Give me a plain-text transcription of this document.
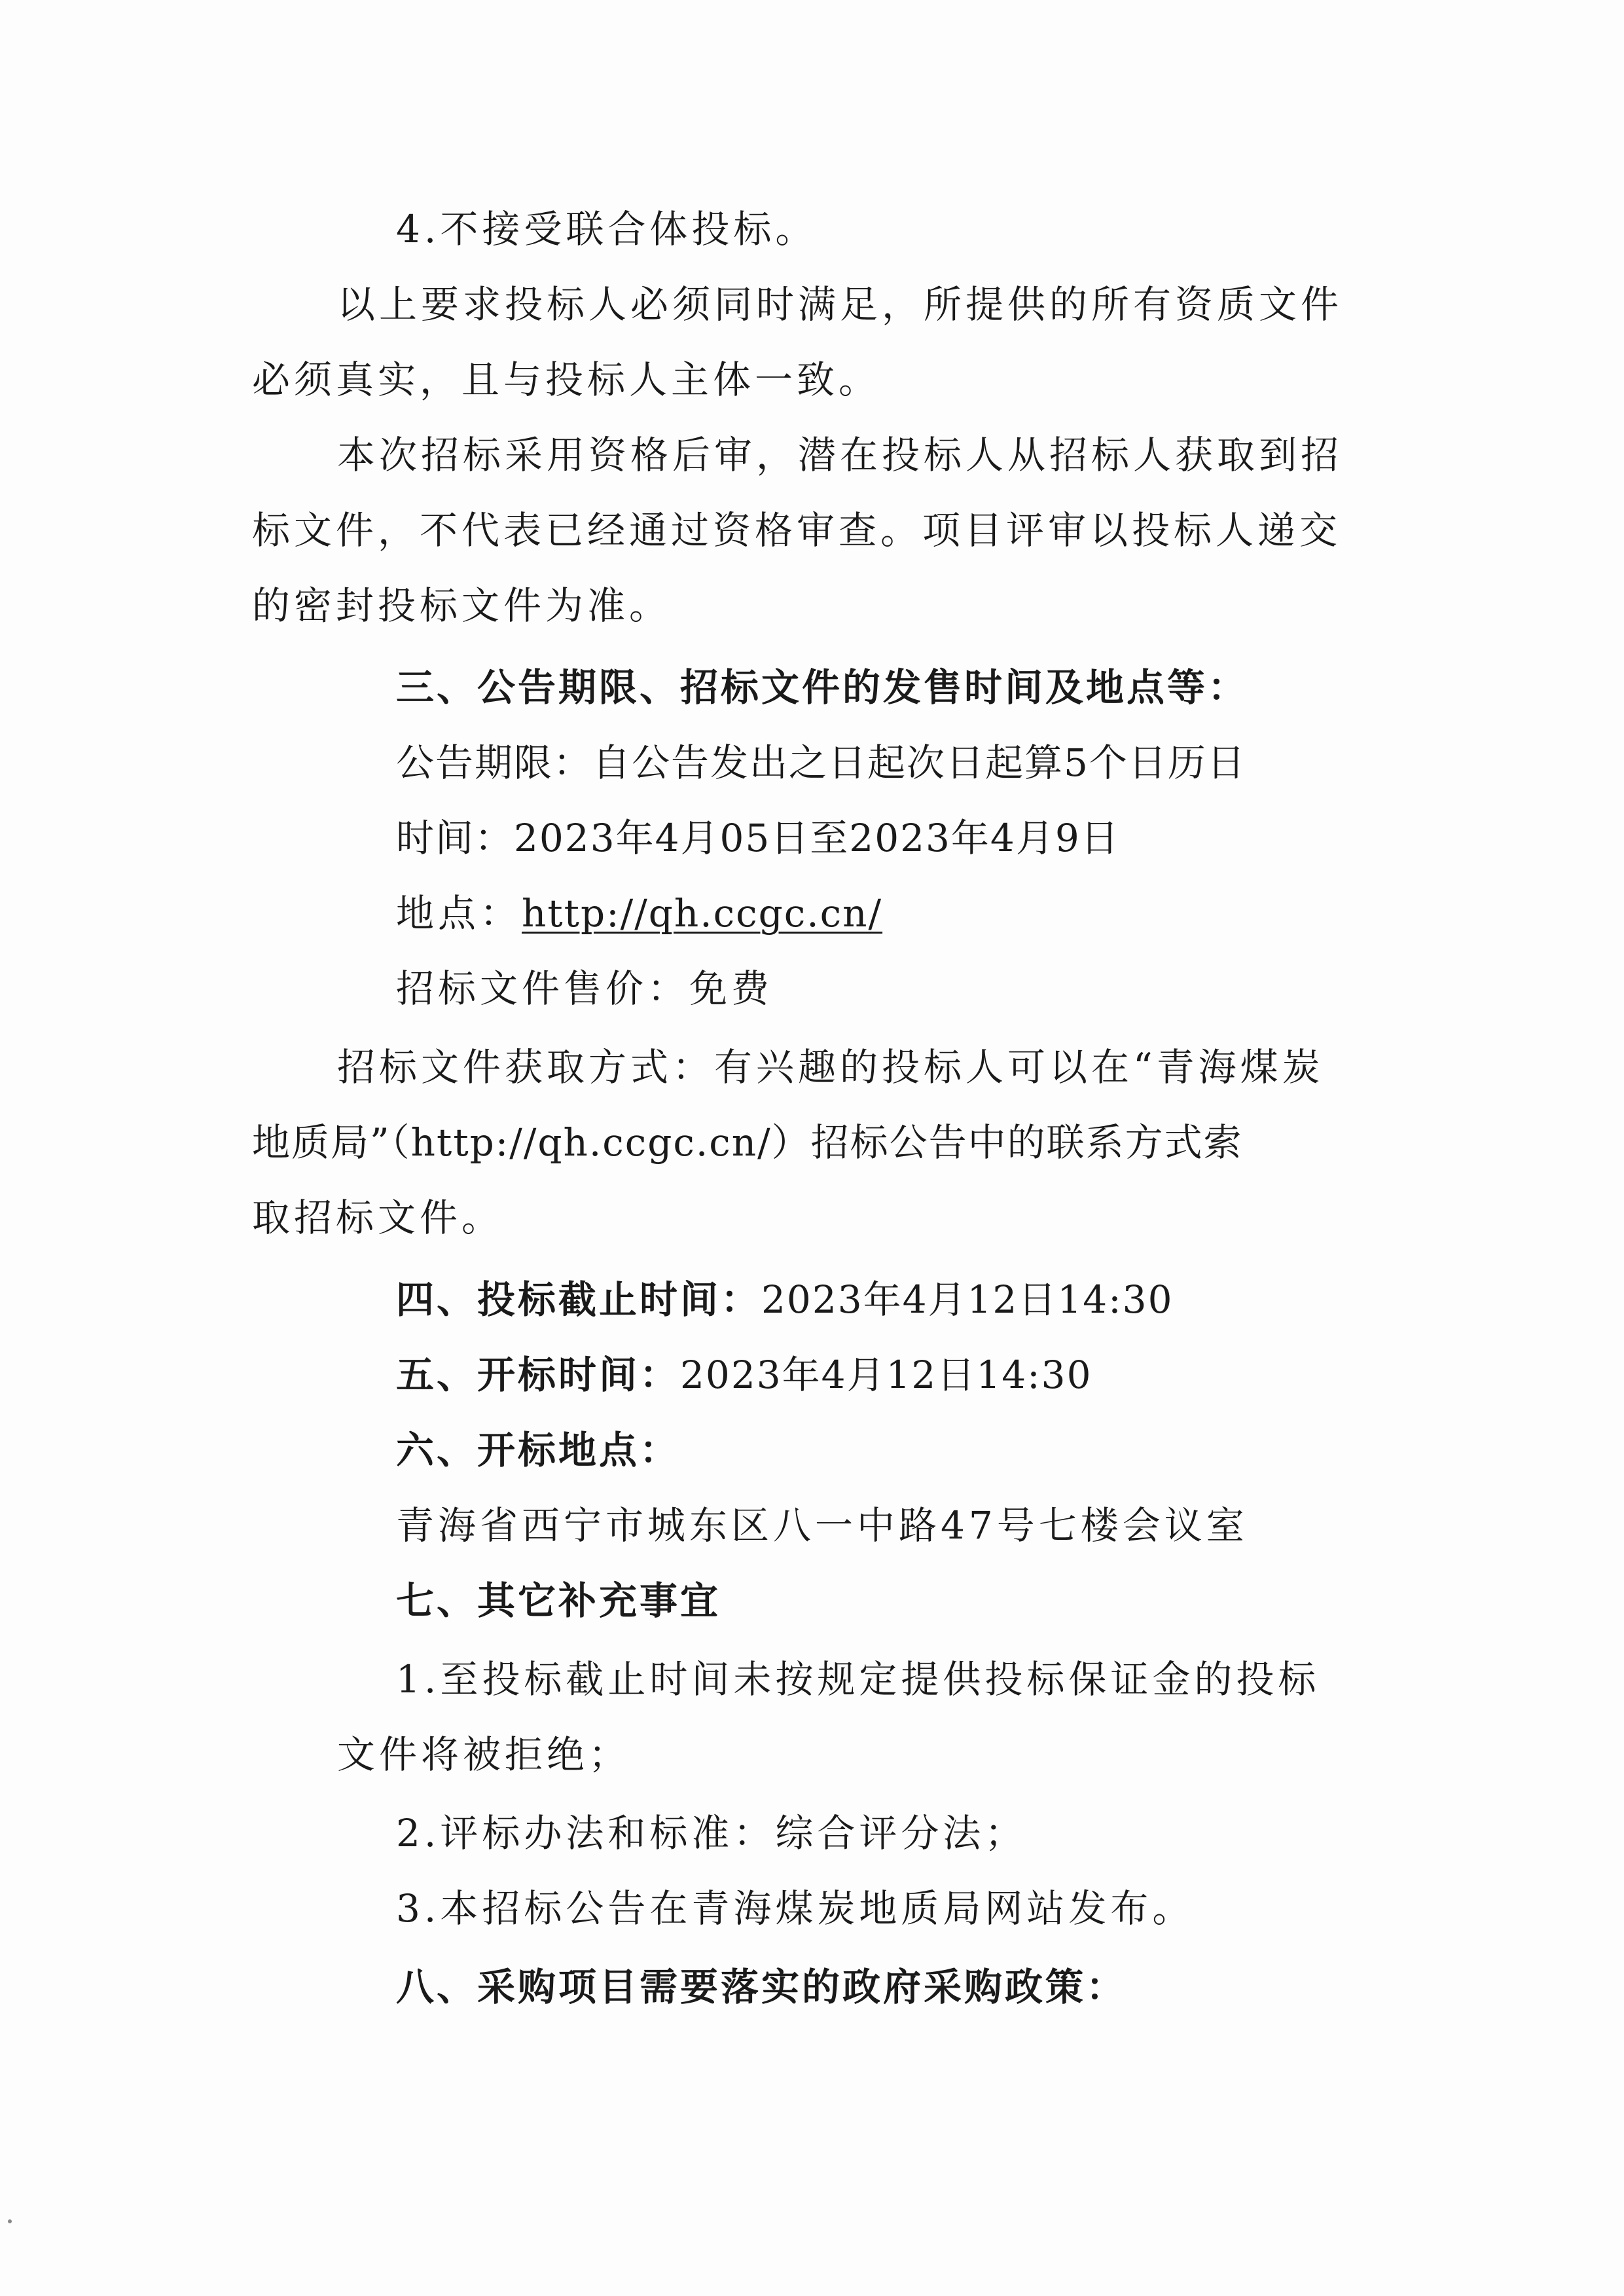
4.不接受联合体投标。
以上要求投标人必须同时满足，所提供的所有资质文件
必须真实，且与投标人主体一致。
本次招标采用资格后审，潜在投标人从招标人获取到招
标文件，不代表已经通过资格审查。项目评审以投标人递交
的密封投标文件为准。
三、公告期限、招标文件的发售时间及地点等：
公告期限：自公告发出之日起次日起算5个日历日
时间：2023年4月05日至2023年4月9日
地点：http://qh.ccgc.cn/
招标文件售价：免费
招标文件获取方式：有兴趣的投标人可以在“青海煤炭
地质局”（http://qh.ccgc.cn/）招标公告中的联系方式索
取招标文件。
四、投标截止时间：2023年4月12日14:30
五、开标时间：2023年4月12日14:30
六、开标地点：
青海省西宁市城东区八一中路47号七楼会议室
七、其它补充事宜
1.至投标截止时间未按规定提供投标保证金的投标
文件将被拒绝；
2.评标办法和标准：综合评分法；
3.本招标公告在青海煤炭地质局网站发布。
八、采购项目需要落实的政府采购政策：
